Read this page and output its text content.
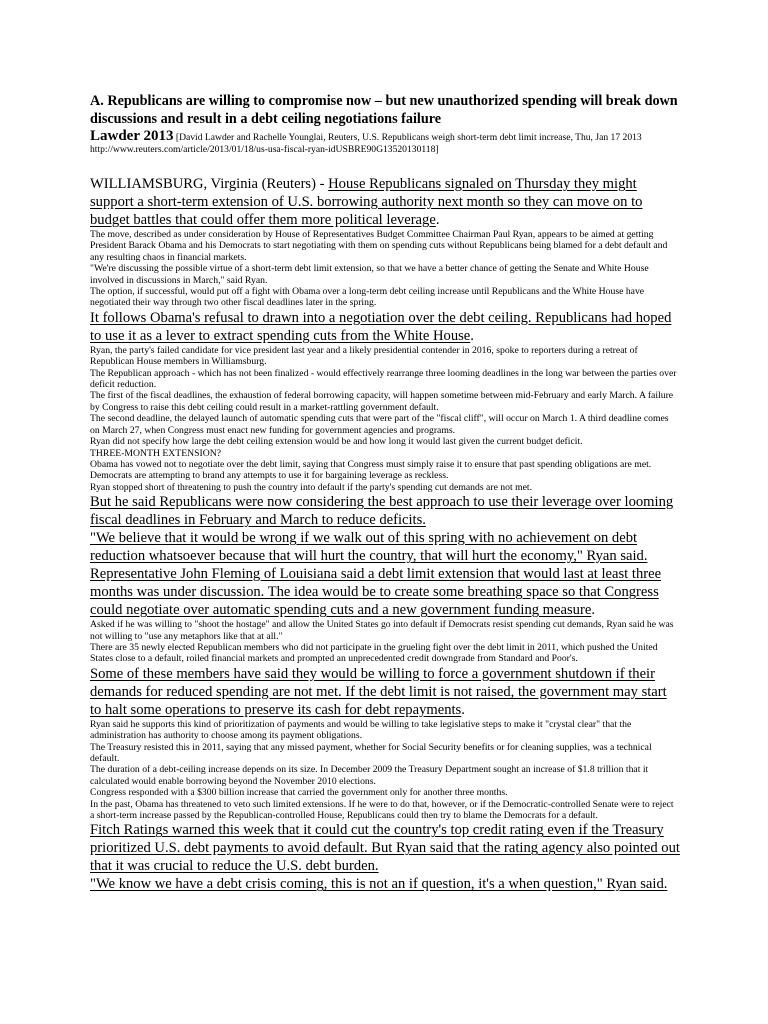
A. Republicans are willing to compromise now – but new unauthorized spending will break down discussions and result in a debt ceiling negotiations failure

Lawder 2013 [David Lawder and Rachelle Younglai, Reuters, U.S. Republicans weigh short-term debt limit increase, Thu, Jan 17 2013 http://www.reuters.com/article/2013/01/18/us-usa-fiscal-ryan-idUSBRE90G13520130118]

WILLIAMSBURG, Virginia (Reuters) - House Republicans signaled on Thursday they might support a short-term extension of U.S. borrowing authority next month so they can move on to budget battles that could offer them more political leverage.

The move, described as under consideration by House of Representatives Budget Committee Chairman Paul Ryan, appears to be aimed at getting President Barack Obama and his Democrats to start negotiating with them on spending cuts without Republicans being blamed for a debt default and any resulting chaos in financial markets.

"We're discussing the possible virtue of a short-term debt limit extension, so that we have a better chance of getting the Senate and White House involved in discussions in March," said Ryan.

The option, if successful, would put off a fight with Obama over a long-term debt ceiling increase until Republicans and the White House have negotiated their way through two other fiscal deadlines later in the spring.

It follows Obama's refusal to drawn into a negotiation over the debt ceiling. Republicans had hoped to use it as a lever to extract spending cuts from the White House.

Ryan, the party's failed candidate for vice president last year and a likely presidential contender in 2016, spoke to reporters during a retreat of Republican House members in Williamsburg.

The Republican approach - which has not been finalized - would effectively rearrange three looming deadlines in the long war between the parties over deficit reduction.

The first of the fiscal deadlines, the exhaustion of federal borrowing capacity, will happen sometime between mid-February and early March. A failure by Congress to raise this debt ceiling could result in a market-rattling government default.

The second deadline, the delayed launch of automatic spending cuts that were part of the "fiscal cliff", will occur on March 1. A third deadline comes on March 27, when Congress must enact new funding for government agencies and programs.

Ryan did not specify how large the debt ceiling extension would be and how long it would last given the current budget deficit.

THREE-MONTH EXTENSION?

Obama has vowed not to negotiate over the debt limit, saying that Congress must simply raise it to ensure that past spending obligations are met. Democrats are attempting to brand any attempts to use it for bargaining leverage as reckless.

Ryan stopped short of threatening to push the country into default if the party's spending cut demands are not met.

But he said Republicans were now considering the best approach to use their leverage over looming fiscal deadlines in February and March to reduce deficits.

"We believe that it would be wrong if we walk out of this spring with no achievement on debt reduction whatsoever because that will hurt the country, that will hurt the economy," Ryan said.

Representative John Fleming of Louisiana said a debt limit extension that would last at least three months was under discussion. The idea would be to create some breathing space so that Congress could negotiate over automatic spending cuts and a new government funding measure.

Asked if he was willing to "shoot the hostage" and allow the United States go into default if Democrats resist spending cut demands, Ryan said he was not willing to "use any metaphors like that at all."

There are 35 newly elected Republican members who did not participate in the grueling fight over the debt limit in 2011, which pushed the United States close to a default, roiled financial markets and prompted an unprecedented credit downgrade from Standard and Poor's.

Some of these members have said they would be willing to force a government shutdown if their demands for reduced spending are not met. If the debt limit is not raised, the government may start to halt some operations to preserve its cash for debt repayments.

Ryan said he supports this kind of prioritization of payments and would be willing to take legislative steps to make it "crystal clear" that the administration has authority to choose among its payment obligations.

The Treasury resisted this in 2011, saying that any missed payment, whether for Social Security benefits or for cleaning supplies, was a technical default.

The duration of a debt-ceiling increase depends on its size. In December 2009 the Treasury Department sought an increase of $1.8 trillion that it calculated would enable borrowing beyond the November 2010 elections.

Congress responded with a $300 billion increase that carried the government only for another three months.

In the past, Obama has threatened to veto such limited extensions. If he were to do that, however, or if the Democratic-controlled Senate were to reject a short-term increase passed by the Republican-controlled House, Republicans could then try to blame the Democrats for a default.

Fitch Ratings warned this week that it could cut the country's top credit rating even if the Treasury prioritized U.S. debt payments to avoid default. But Ryan said that the rating agency also pointed out that it was crucial to reduce the U.S. debt burden.

"We know we have a debt crisis coming, this is not an if question, it's a when question," Ryan said.
